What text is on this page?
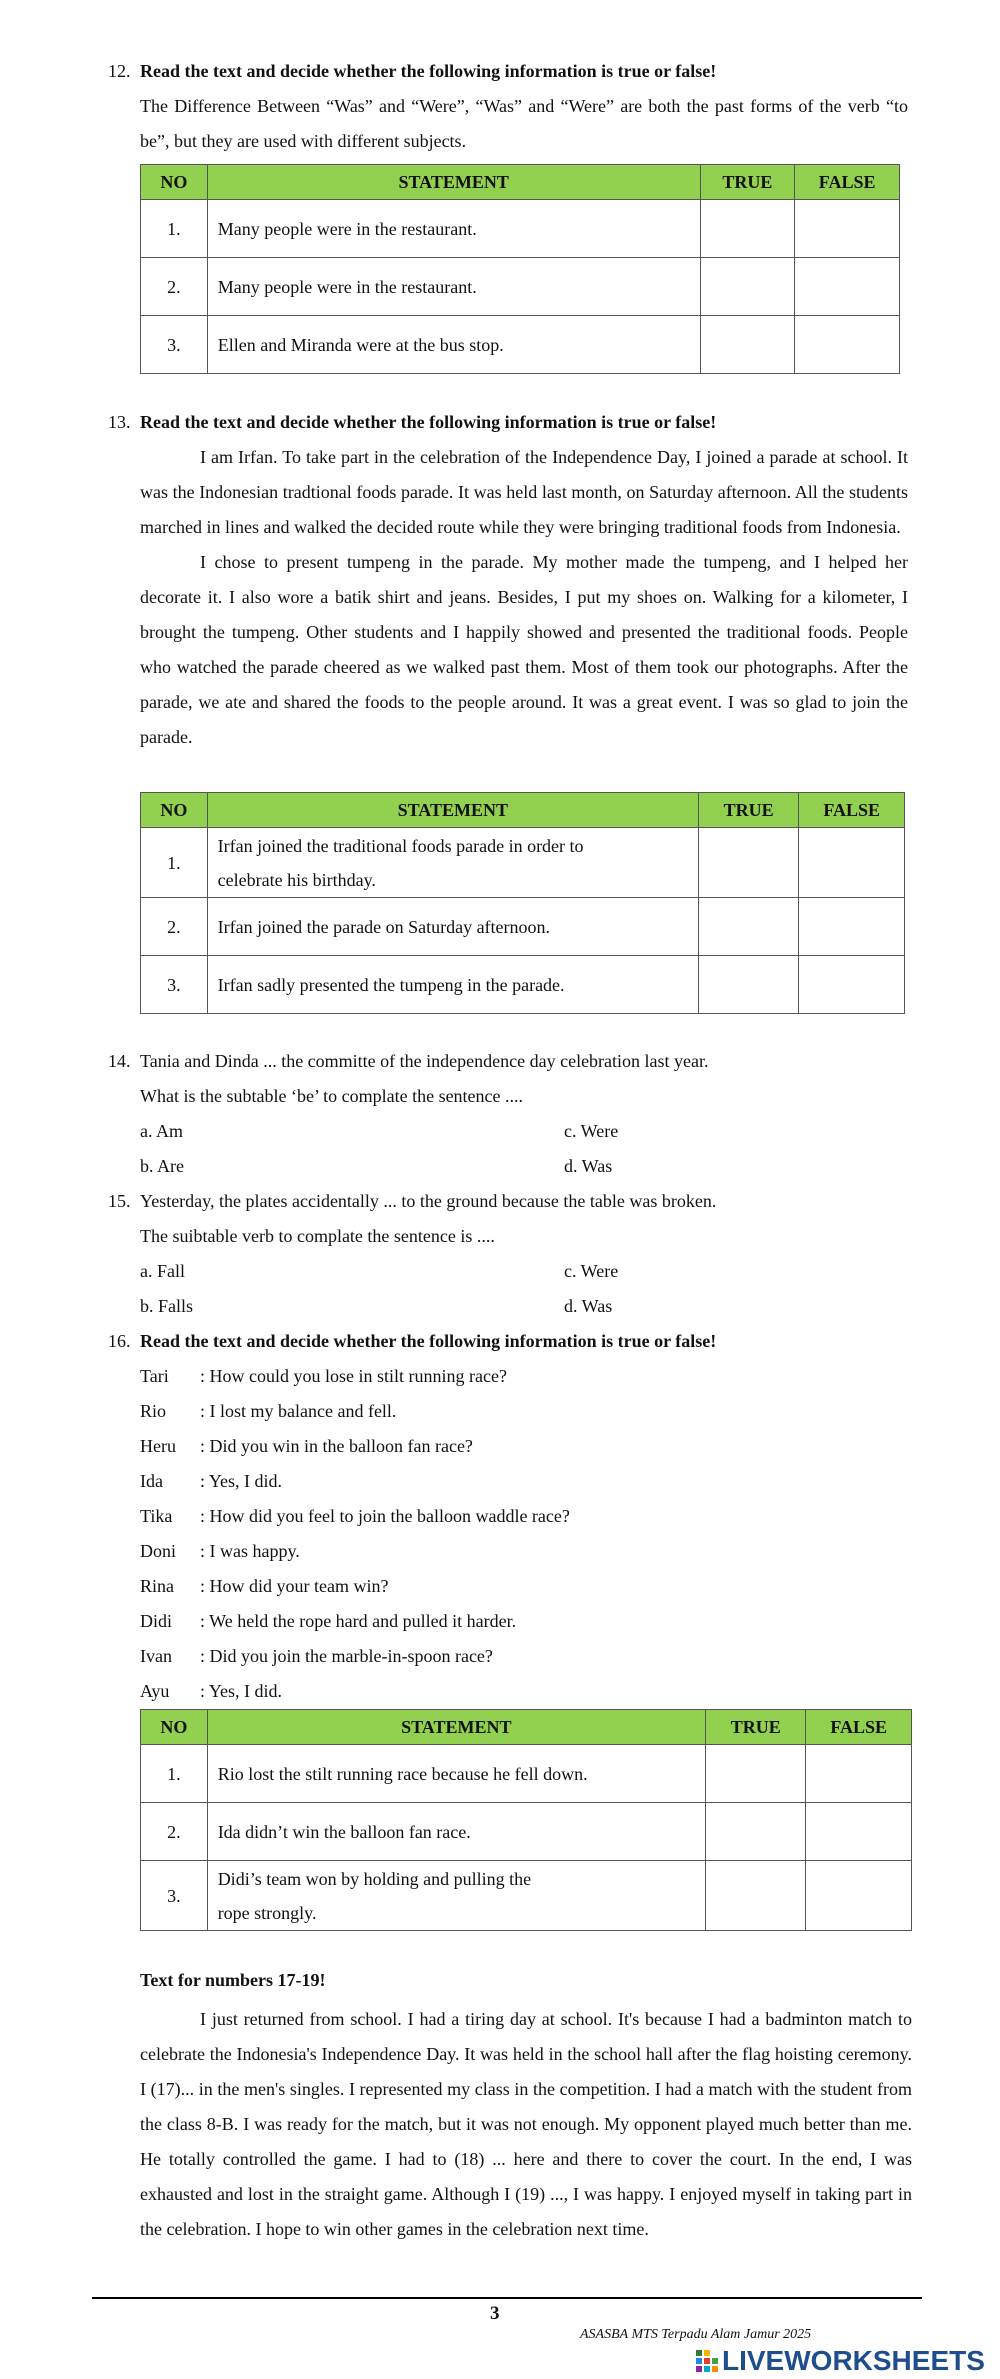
12. Read the text and decide whether the following information is true or false!
The Difference Between “Was” and “Were”, “Was” and “Were” are both the past forms of the verb “to be”, but they are used with different subjects.
NO	STATEMENT	TRUE	FALSE
1.	Many people were in the restaurant.		
2.	Many people were in the restaurant.		
3.	Ellen and Miranda were at the bus stop.		
13. Read the text and decide whether the following information is true or false!
I am Irfan. To take part in the celebration of the Independence Day, I joined a parade at school. It was the Indonesian tradtional foods parade. It was held last month, on Saturday afternoon. All the students marched in lines and walked the decided route while they were bringing traditional foods from Indonesia.
I chose to present tumpeng in the parade. My mother made the tumpeng, and I helped her decorate it. I also wore a batik shirt and jeans. Besides, I put my shoes on. Walking for a kilometer, I brought the tumpeng. Other students and I happily showed and presented the traditional foods. People who watched the parade cheered as we walked past them. Most of them took our photographs. After the parade, we ate and shared the foods to the people around. It was a great event. I was so glad to join the parade.
NO	STATEMENT	TRUE	FALSE
1.	Irfan joined the traditional foods parade in order to
celebrate his birthday.		

2.	Irfan joined the parade on Saturday afternoon.		
3.	Irfan sadly presented the tumpeng in the parade.		
14. Tania and Dinda ... the committe of the independence day celebration last year.
What is the subtable ‘be’ to complate the sentence ....
a. Am	c. Were
b. Are	d. Was
15. Yesterday, the plates accidentally ... to the ground because the table was broken.
The suibtable verb to complate the sentence is ....
a. Fall	c. Were
b. Falls	d. Was
16. Read the text and decide whether the following information is true or false!
Tari : How could you lose in stilt running race?
Rio : I lost my balance and fell.
Heru : Did you win in the balloon fan race?
Ida : Yes, I did.
Tika : How did you feel to join the balloon waddle race?
Doni : I was happy.
Rina : How did your team win?
Didi : We held the rope hard and pulled it harder.
Ivan : Did you join the marble-in-spoon race?
Ayu : Yes, I did.
NO	STATEMENT	TRUE	FALSE
1.	Rio lost the stilt running race because he fell down.		
2.	Ida didn’t win the balloon fan race.		
3.	Didi’s team won by holding and pulling the
rope strongly.		

Text for numbers 17-19!
I just returned from school. I had a tiring day at school. It's because I had a badminton match to celebrate the Indonesia's Independence Day. It was held in the school hall after the flag hoisting ceremony. I (17)... in the men's singles. I represented my class in the competition. I had a match with the student from the class 8-B. I was ready for the match, but it was not enough. My opponent played much better than me. He totally controlled the game. I had to (18) ... here and there to cover the court. In the end, I was exhausted and lost in the straight game. Although I (19) ..., I was happy. I enjoyed myself in taking part in the celebration. I hope to win other games in the celebration next time.
3
ASASBA MTS Terpadu Alam Jamur 2025
LIVEWORKSHEETS
